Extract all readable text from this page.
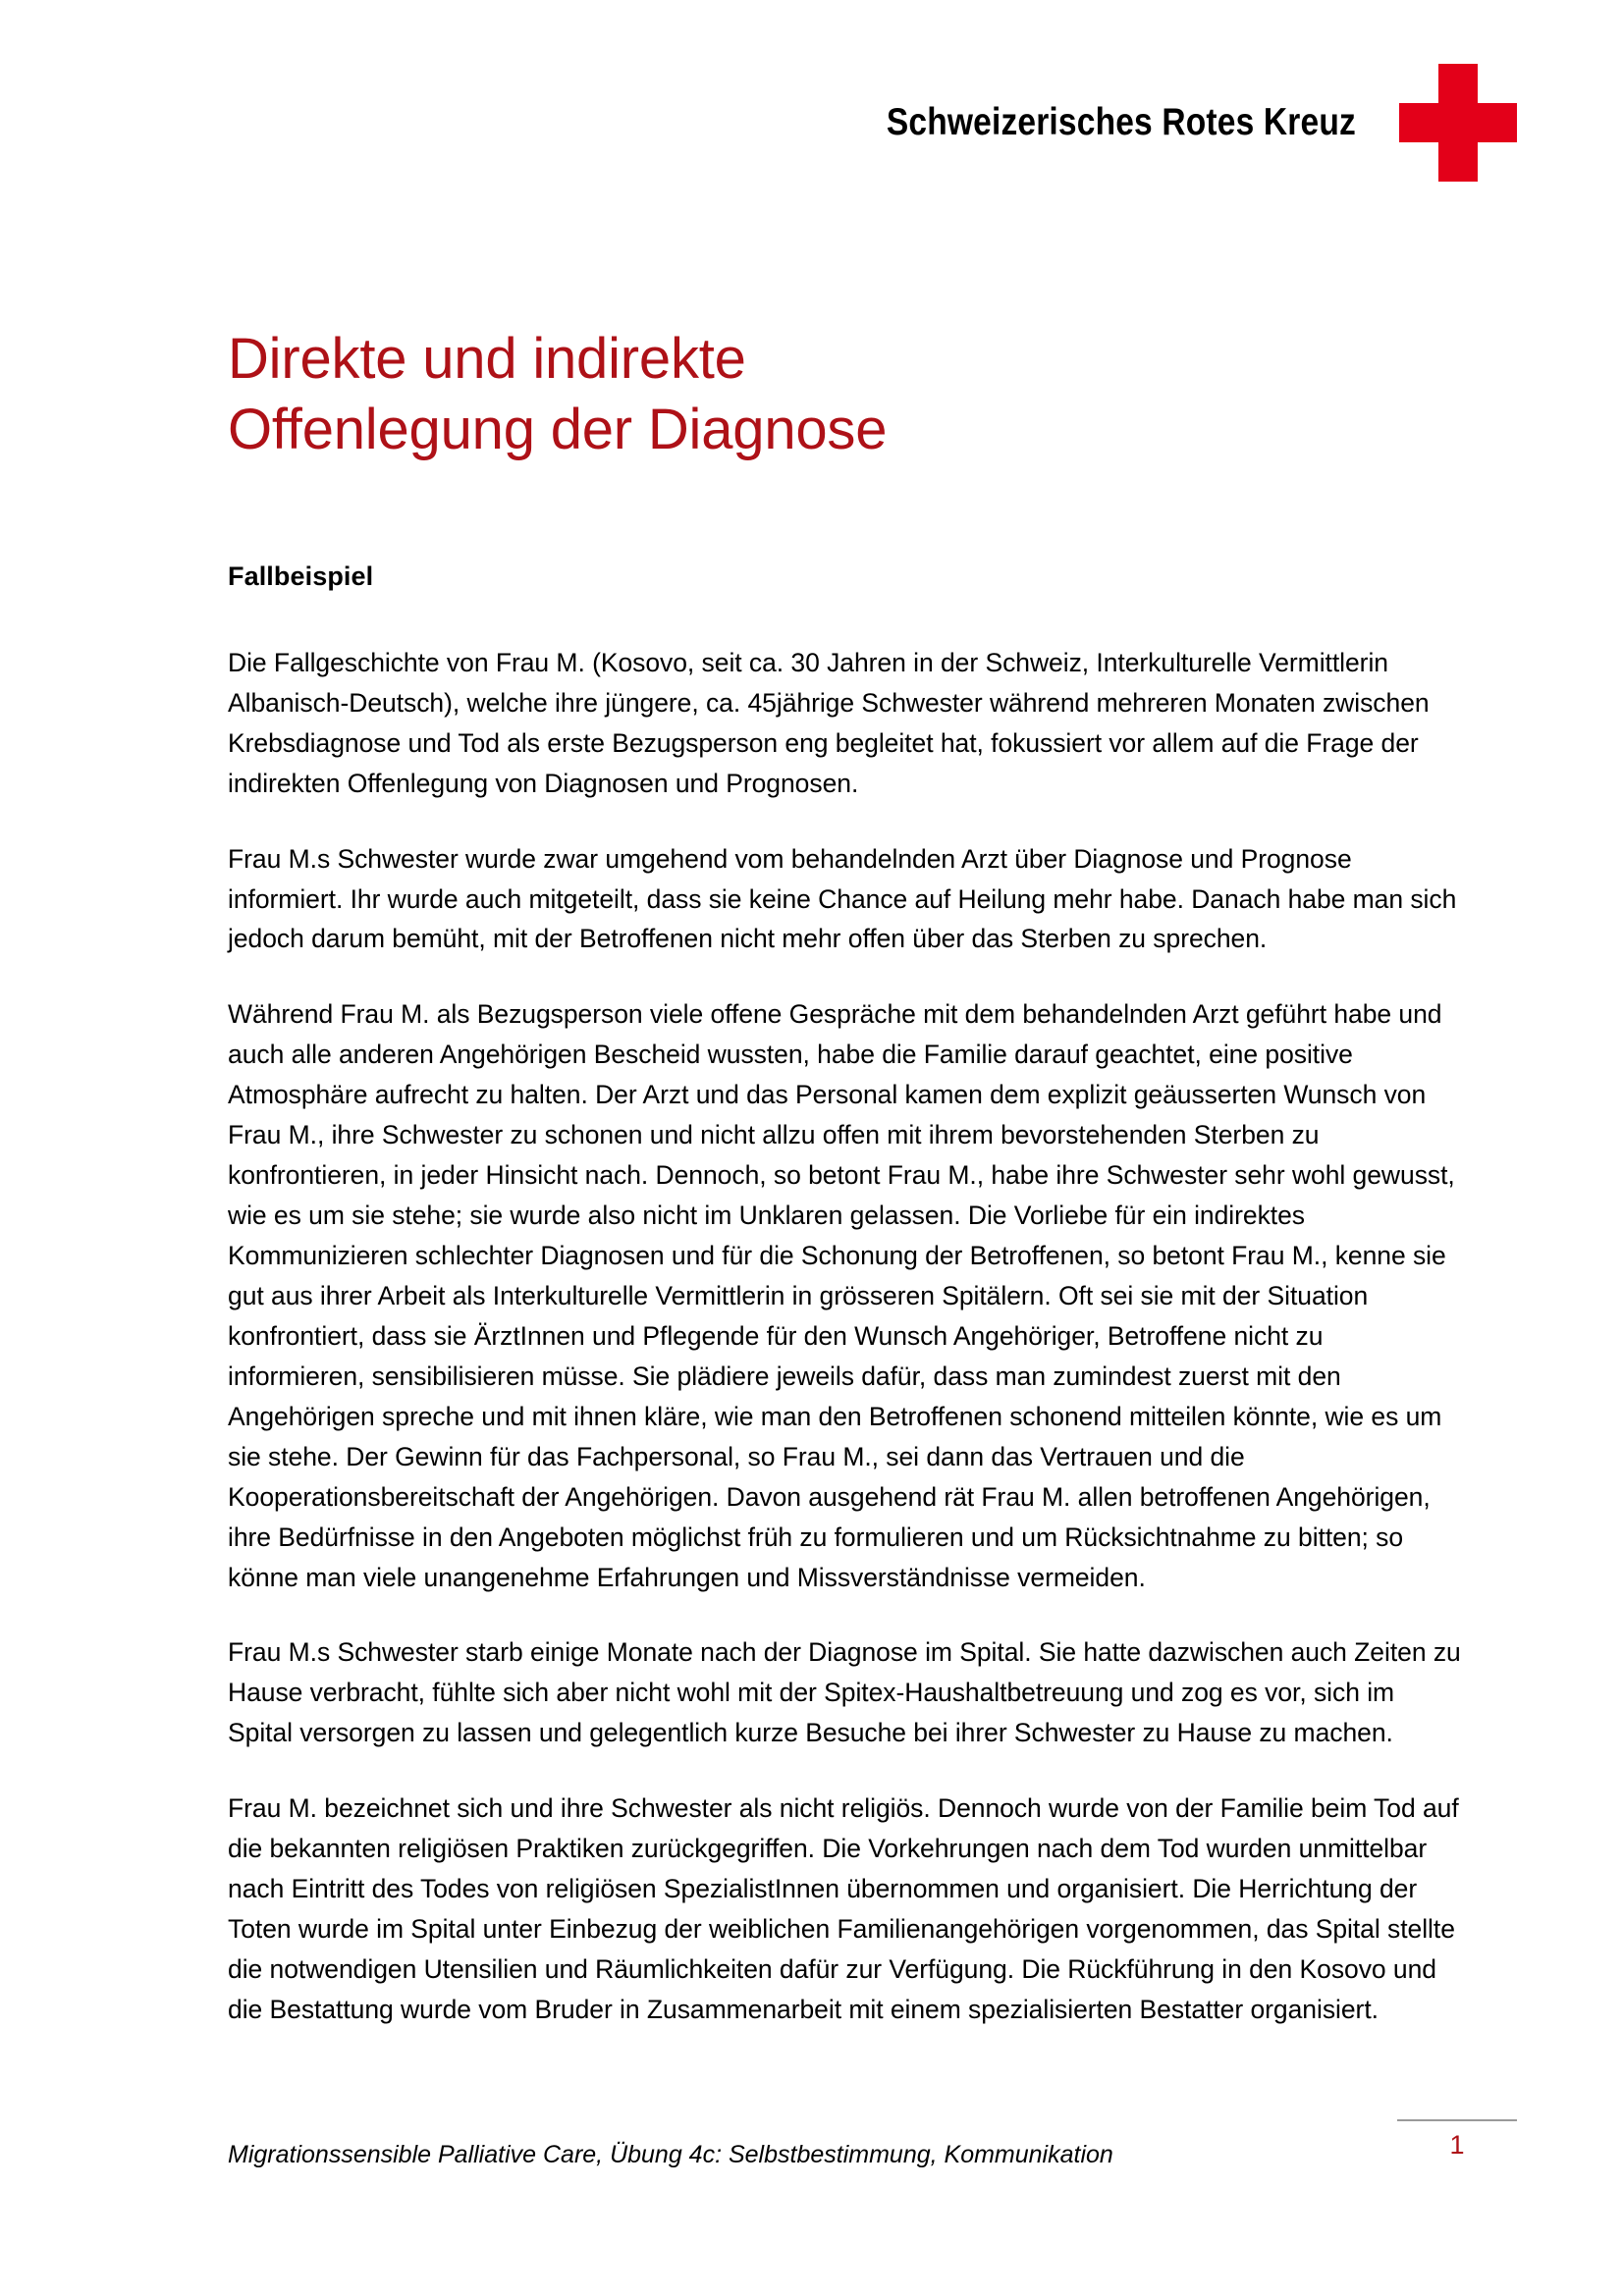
Schweizerisches Rotes Kreuz
Direkte und indirekte
Offenlegung der Diagnose
Fallbeispiel

Die Fallgeschichte von Frau M. (Kosovo, seit ca. 30 Jahren in der Schweiz, Interkulturelle Vermittlerin Albanisch-Deutsch), welche ihre jüngere, ca. 45jährige Schwester während mehreren Monaten zwischen Krebsdiagnose und Tod als erste Bezugsperson eng begleitet hat, fokussiert vor allem auf die Frage der indirekten Offenlegung von Diagnosen und Prognosen.

Frau M.s Schwester wurde zwar umgehend vom behandelnden Arzt über Diagnose und Prognose informiert. Ihr wurde auch mitgeteilt, dass sie keine Chance auf Heilung mehr habe. Danach habe man sich jedoch darum bemüht, mit der Betroffenen nicht mehr offen über das Sterben zu sprechen.

Während Frau M. als Bezugsperson viele offene Gespräche mit dem behandelnden Arzt geführt habe und auch alle anderen Angehörigen Bescheid wussten, habe die Familie darauf geachtet, eine positive Atmosphäre aufrecht zu halten. Der Arzt und das Personal kamen dem explizit geäusserten Wunsch von Frau M., ihre Schwester zu schonen und nicht allzu offen mit ihrem bevorstehenden Sterben zu konfrontieren, in jeder Hinsicht nach. Dennoch, so betont Frau M., habe ihre Schwester sehr wohl gewusst, wie es um sie stehe; sie wurde also nicht im Unklaren gelassen. Die Vorliebe für ein indirektes Kommunizieren schlechter Diagnosen und für die Schonung der Betroffenen, so betont Frau M., kenne sie gut aus ihrer Arbeit als Interkulturelle Vermittlerin in grösseren Spitälern. Oft sei sie mit der Situation konfrontiert, dass sie ÄrztInnen und Pflegende für den Wunsch Angehöriger, Betroffene nicht zu informieren, sensibilisieren müsse. Sie plädiere jeweils dafür, dass man zumindest zuerst mit den Angehörigen spreche und mit ihnen kläre, wie man den Betroffenen schonend mitteilen könnte, wie es um sie stehe. Der Gewinn für das Fachpersonal, so Frau M., sei dann das Vertrauen und die Kooperationsbereitschaft der Angehörigen. Davon ausgehend rät Frau M. allen betroffenen Angehörigen, ihre Bedürfnisse in den Angeboten möglichst früh zu formulieren und um Rücksichtnahme zu bitten; so könne man viele unangenehme Erfahrungen und Missverständnisse vermeiden.

Frau M.s Schwester starb einige Monate nach der Diagnose im Spital. Sie hatte dazwischen auch Zeiten zu Hause verbracht, fühlte sich aber nicht wohl mit der Spitex-Haushaltbetreuung und zog es vor, sich im Spital versorgen zu lassen und gelegentlich kurze Besuche bei ihrer Schwester zu Hause zu machen.

Frau M. bezeichnet sich und ihre Schwester als nicht religiös. Dennoch wurde von der Familie beim Tod auf die bekannten religiösen Praktiken zurückgegriffen. Die Vorkehrungen nach dem Tod wurden unmittelbar nach Eintritt des Todes von religiösen SpezialistInnen übernommen und organisiert. Die Herrichtung der Toten wurde im Spital unter Einbezug der weiblichen Familienangehörigen vorgenommen, das Spital stellte die notwendigen Utensilien und Räumlichkeiten dafür zur Verfügung. Die Rückführung in den Kosovo und die Bestattung wurde vom Bruder in Zusammenarbeit mit einem spezialisierten Bestatter organisiert.

Migrationssensible Palliative Care, Übung 4c: Selbstbestimmung, Kommunikation	1
